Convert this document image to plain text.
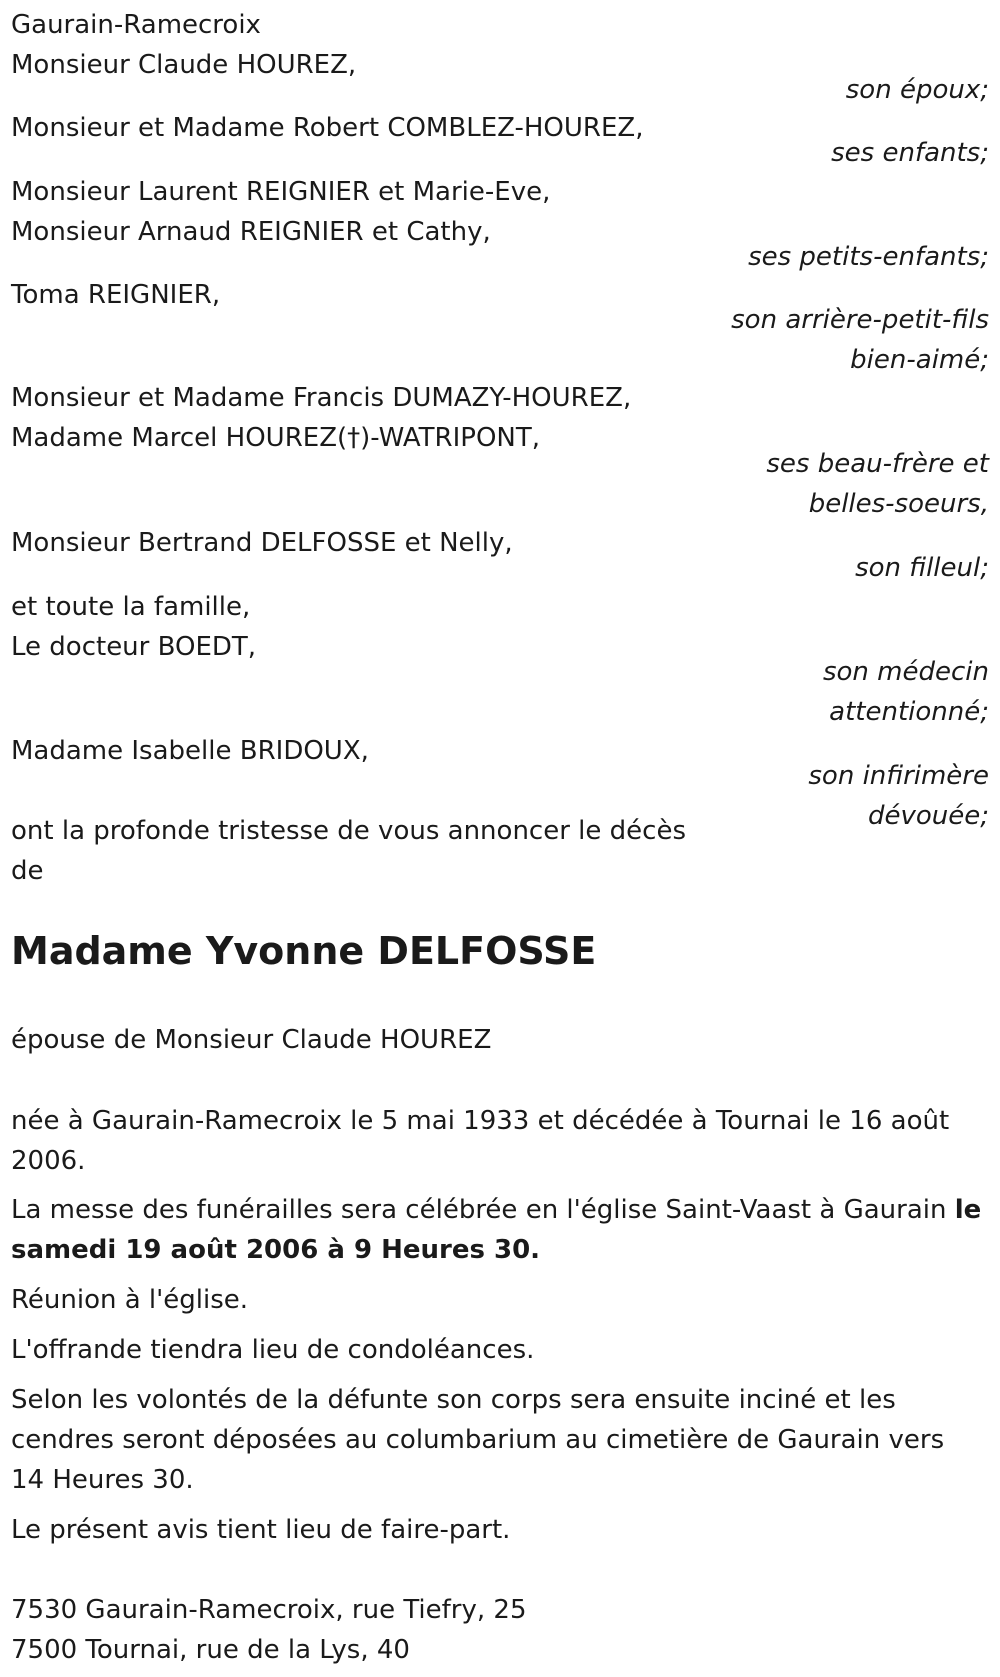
Gaurain-Ramecroix
Monsieur Claude HOUREZ,
son époux;
Monsieur et Madame Robert COMBLEZ-HOUREZ,
ses enfants;
Monsieur Laurent REIGNIER et Marie-Eve,
Monsieur Arnaud REIGNIER et Cathy,
ses petits-enfants;
Toma REIGNIER,
son arrière-petit-fils
bien-aimé;
Monsieur et Madame Francis DUMAZY-HOUREZ,
Madame Marcel HOUREZ(†)-WATRIPONT,
ses beau-frère et
belles-soeurs,
Monsieur Bertrand DELFOSSE et Nelly,
son filleul;
et toute la famille,
Le docteur BOEDT,
son médecin
attentionné;
Madame Isabelle BRIDOUX,
son infirimère
dévouée;
ont la profonde tristesse de vous annoncer le décès
de
Madame Yvonne DELFOSSE
épouse de Monsieur Claude HOUREZ
née à Gaurain-Ramecroix le 5 mai 1933 et décédée à Tournai le 16 août
2006.
La messe des funérailles sera célébrée en l'église Saint-Vaast à Gaurain le
samedi 19 août 2006 à 9 Heures 30.
Réunion à l'église.
L'offrande tiendra lieu de condoléances.
Selon les volontés de la défunte son corps sera ensuite inciné et les
cendres seront déposées au columbarium au cimetière de Gaurain vers
14 Heures 30.
Le présent avis tient lieu de faire-part.
7530 Gaurain-Ramecroix, rue Tiefry, 25
7500 Tournai, rue de la Lys, 40
